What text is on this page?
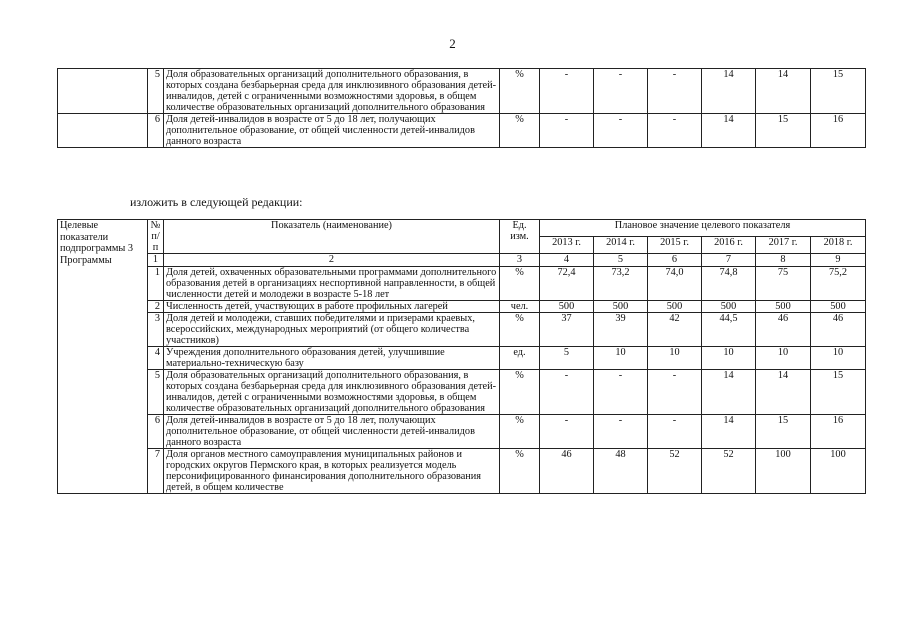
2
	5	Доля образовательных организаций дополнительного образования, в которых создана безбарьерная среда для инклюзивного образования детей-инвалидов, детей с ограниченными возможностями здоровья, в общем количестве образовательных организаций дополнительного образования	%	-	-	-	14	14	15
	6	Доля детей-инвалидов в возрасте от 5 до 18 лет, получающих дополнительное образование, от общей численности детей-инвалидов данного возраста	%	-	-	-	14	15	16
изложить в следующей редакции:
Целевые показатели подпрограммы 3 Программы	№ п/п	Показатель (наименование)	Ед. изм.	Плановое значение целевого показателя					
				2013 г.	2014 г.	2015 г.	2016 г.	2017 г.	2018 г.
	1	2	3	4	5	6	7	8	9
	1	Доля детей, охваченных образовательными программами дополнительного образования детей в организациях неспортивной направленности, в общей численности детей и молодежи в возрасте 5-18 лет	%	72,4	73,2	74,0	74,8	75	75,2
	2	Численность детей, участвующих в работе профильных лагерей	чел.	500	500	500	500	500	500
	3	Доля детей и молодежи, ставших победителями и призерами краевых, всероссийских, международных мероприятий (от общего количества участников)	%	37	39	42	44,5	46	46
	4	Учреждения дополнительного образования детей, улучшившие материально-техническую базу	ед.	5	10	10	10	10	10
	5	Доля образовательных организаций дополнительного образования, в которых создана безбарьерная среда для инклюзивного образования детей-инвалидов, детей с ограниченными возможностями здоровья, в общем количестве образовательных организаций дополнительного образования	%	-	-	-	14	14	15
	6	Доля детей-инвалидов в возрасте от 5 до 18 лет, получающих дополнительное образование, от общей численности детей-инвалидов данного возраста	%	-	-	-	14	15	16
	7	Доля органов местного самоуправления муниципальных районов и городских округов Пермского края, в которых реализуется модель персонифицированного финансирования дополнительного образования детей, в общем количестве	%	46	48	52	52	100	100
